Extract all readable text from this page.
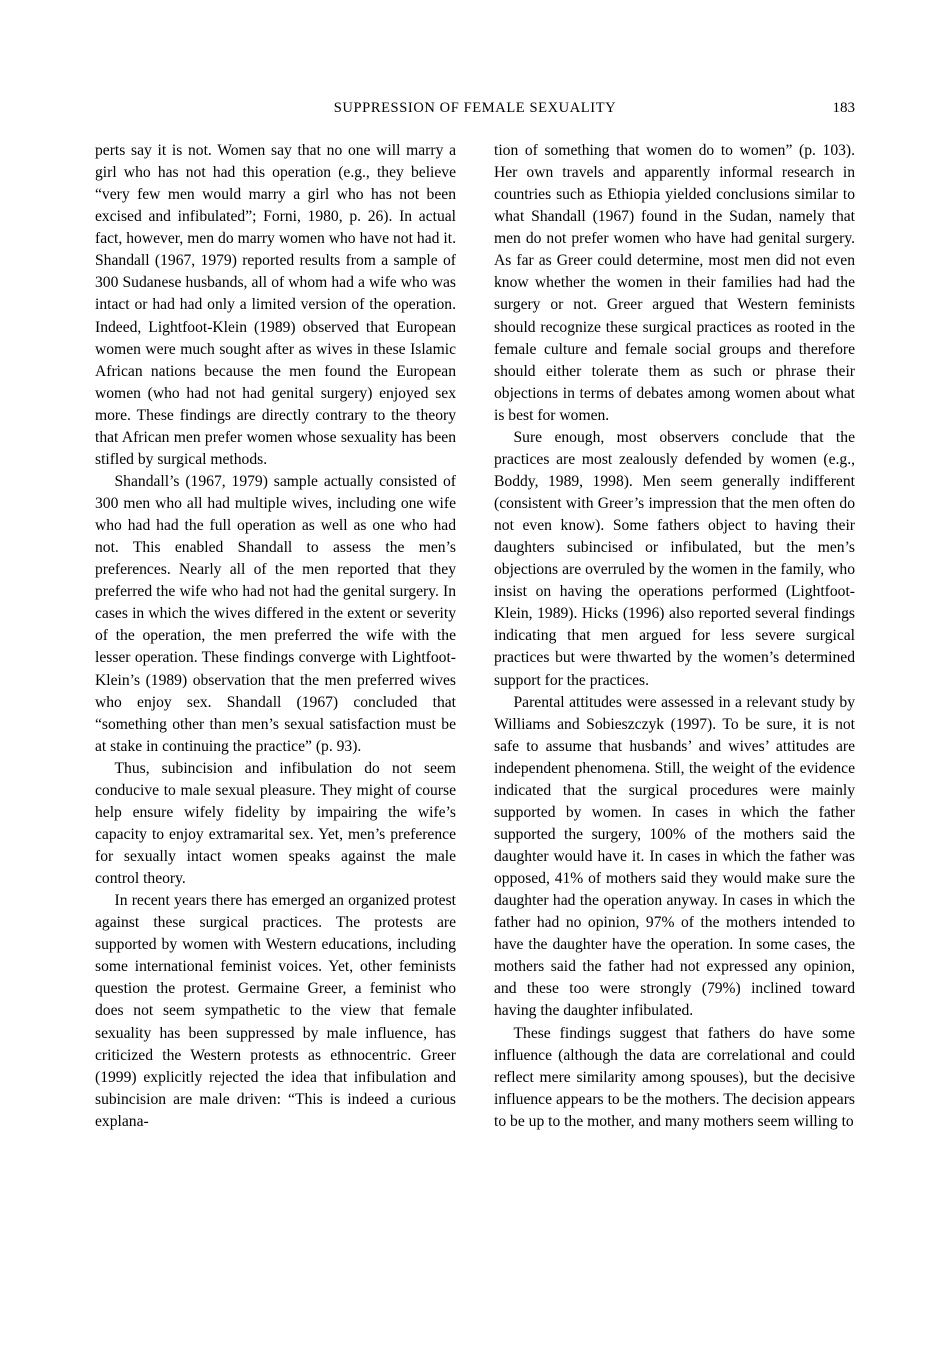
SUPPRESSION OF FEMALE SEXUALITY	183

perts say it is not. Women say that no one will marry a girl who has not had this operation (e.g., they believe “very few men would marry a girl who has not been excised and infibulated”; Forni, 1980, p. 26). In actual fact, however, men do marry women who have not had it. Shandall (1967, 1979) reported results from a sample of 300 Sudanese husbands, all of whom had a wife who was intact or had had only a limited version of the operation. Indeed, Lightfoot-Klein (1989) observed that European women were much sought after as wives in these Islamic African nations because the men found the European women (who had not had genital surgery) enjoyed sex more. These findings are directly contrary to the theory that African men prefer women whose sexuality has been stifled by surgical methods.

Shandall’s (1967, 1979) sample actually consisted of 300 men who all had multiple wives, including one wife who had had the full operation as well as one who had not. This enabled Shandall to assess the men’s preferences. Nearly all of the men reported that they preferred the wife who had not had the genital surgery. In cases in which the wives differed in the extent or severity of the operation, the men preferred the wife with the lesser operation. These findings converge with Lightfoot-Klein’s (1989) observation that the men preferred wives who enjoy sex. Shandall (1967) concluded that “something other than men’s sexual satisfaction must be at stake in continuing the practice” (p. 93).

Thus, subincision and infibulation do not seem conducive to male sexual pleasure. They might of course help ensure wifely fidelity by impairing the wife’s capacity to enjoy extramarital sex. Yet, men’s preference for sexually intact women speaks against the male control theory.

In recent years there has emerged an organized protest against these surgical practices. The protests are supported by women with Western educations, including some international feminist voices. Yet, other feminists question the protest. Germaine Greer, a feminist who does not seem sympathetic to the view that female sexuality has been suppressed by male influence, has criticized the Western protests as ethnocentric. Greer (1999) explicitly rejected the idea that infibulation and subincision are male driven: “This is indeed a curious explana-

tion of something that women do to women” (p. 103). Her own travels and apparently informal research in countries such as Ethiopia yielded conclusions similar to what Shandall (1967) found in the Sudan, namely that men do not prefer women who have had genital surgery. As far as Greer could determine, most men did not even know whether the women in their families had had the surgery or not. Greer argued that Western feminists should recognize these surgical practices as rooted in the female culture and female social groups and therefore should either tolerate them as such or phrase their objections in terms of debates among women about what is best for women.

Sure enough, most observers conclude that the practices are most zealously defended by women (e.g., Boddy, 1989, 1998). Men seem generally indifferent (consistent with Greer’s impression that the men often do not even know). Some fathers object to having their daughters subincised or infibulated, but the men’s objections are overruled by the women in the family, who insist on having the operations performed (Lightfoot-Klein, 1989). Hicks (1996) also reported several findings indicating that men argued for less severe surgical practices but were thwarted by the women’s determined support for the practices.

Parental attitudes were assessed in a relevant study by Williams and Sobieszczyk (1997). To be sure, it is not safe to assume that husbands’ and wives’ attitudes are independent phenomena. Still, the weight of the evidence indicated that the surgical procedures were mainly supported by women. In cases in which the father supported the surgery, 100% of the mothers said the daughter would have it. In cases in which the father was opposed, 41% of mothers said they would make sure the daughter had the operation anyway. In cases in which the father had no opinion, 97% of the mothers intended to have the daughter have the operation. In some cases, the mothers said the father had not expressed any opinion, and these too were strongly (79%) inclined toward having the daughter infibulated.

These findings suggest that fathers do have some influence (although the data are correlational and could reflect mere similarity among spouses), but the decisive influence appears to be the mothers. The decision appears to be up to the mother, and many mothers seem willing to
